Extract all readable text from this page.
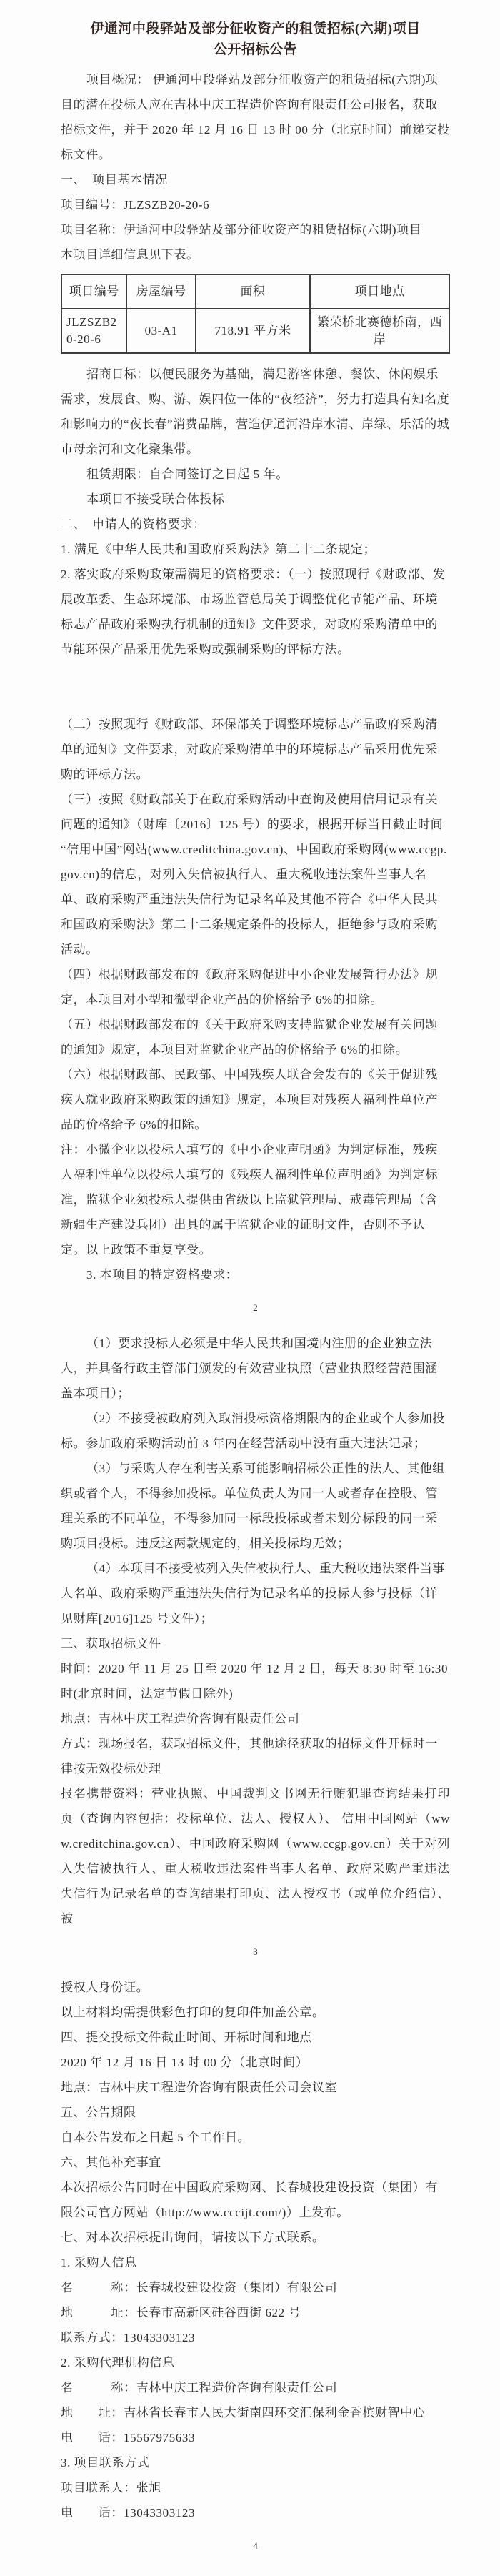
伊通河中段驿站及部分征收资产的租赁招标(六期)项目

公开招标公告

项目概况： 伊通河中段驿站及部分征收资产的租赁招标(六期)项目的潜在投标人应在吉林中庆工程造价咨询有限责任公司报名，获取招标文件，并于 2020 年 12 月 16 日 13 时 00 分（北京时间）前递交投标文件。

一、　项目基本情况

项目编号：JLZSZB20-20-6

项目名称：伊通河中段驿站及部分征收资产的租赁招标(六期)项目

本项目详细信息见下表。

项目编号	房屋编号	面积	项目地点
JLZSZB20-20-6	03-A1	718.91 平方米	繁荣桥北赛德桥南，西岸

招商目标：以便民服务为基础，满足游客休憩、餐饮、休闲娱乐需求，发展食、购、游、娱四位一体的“夜经济”，努力打造具有知名度和影响力的“夜长春”消费品牌，营造伊通河沿岸水清、岸绿、乐活的城市母亲河和文化聚集带。

租赁期限：自合同签订之日起 5 年。

本项目不接受联合体投标

二、　申请人的资格要求：

1. 满足《中华人民共和国政府采购法》第二十二条规定；

2. 落实政府采购政策需满足的资格要求：（一）按照现行《财政部、发展改革委、生态环境部、市场监管总局关于调整优化节能产品、环境标志产品政府采购执行机制的通知》文件要求，对政府采购清单中的节能环保产品采用优先采购或强制采购的评标方法。

（二）按照现行《财政部、环保部关于调整环境标志产品政府采购清单的通知》文件要求，对政府采购清单中的环境标志产品采用优先采购的评标方法。

（三）按照《财政部关于在政府采购活动中查询及使用信用记录有关问题的通知》（财库〔2016〕125 号）的要求，根据开标当日截止时间“信用中国”网站(www.creditchina.gov.cn)、中国政府采购网(www.ccgp.gov.cn)的信息，对列入失信被执行人、重大税收违法案件当事人名单、政府采购严重违法失信行为记录名单及其他不符合《中华人民共和国政府采购法》第二十二条规定条件的投标人，拒绝参与政府采购活动。

（四）根据财政部发布的《政府采购促进中小企业发展暂行办法》规定，本项目对小型和微型企业产品的价格给予 6%的扣除。

（五）根据财政部发布的《关于政府采购支持监狱企业发展有关问题的通知》规定，本项目对监狱企业产品的价格给予 6%的扣除。

（六）根据财政部、民政部、中国残疾人联合会发布的《关于促进残疾人就业政府采购政策的通知》规定，本项目对残疾人福利性单位产品的价格给予 6%的扣除。

注：小微企业以投标人填写的《中小企业声明函》为判定标准，残疾人福利性单位以投标人填写的《残疾人福利性单位声明函》为判定标准，监狱企业须投标人提供由省级以上监狱管理局、戒毒管理局（含新疆生产建设兵团）出具的属于监狱企业的证明文件，否则不予认定。以上政策不重复享受。

3. 本项目的特定资格要求：

2

（1）要求投标人必须是中华人民共和国境内注册的企业独立法人，并具备行政主管部门颁发的有效营业执照（营业执照经营范围涵盖本项目）；

（2）不接受被政府列入取消投标资格期限内的企业或个人参加投标。参加政府采购活动前 3 年内在经营活动中没有重大违法记录；

（3）与采购人存在利害关系可能影响招标公正性的法人、其他组织或者个人，不得参加投标。单位负责人为同一人或者存在控股、管理关系的不同单位，不得参加同一标段投标或者未划分标段的同一采购项目投标。违反这两款规定的，相关投标均无效；

（4）本项目不接受被列入失信被执行人、重大税收违法案件当事人名单、政府采购严重违法失信行为记录名单的投标人参与投标（详见财库[2016]125 号文件）；

三、获取招标文件

时间：2020 年 11 月 25 日至 2020 年 12 月 2 日，每天 8:30 时至 16:30 时(北京时间，法定节假日除外)

地点：吉林中庆工程造价咨询有限责任公司

方式：现场报名，获取招标文件，其他途径获取的招标文件开标时一律按无效投标处理

报名携带资料：营业执照、中国裁判文书网无行贿犯罪查询结果打印页（查询内容包括：投标单位、法人、授权人）、 信用中国网站（www.creditchina.gov.cn）、中国政府采购网（www.ccgp.gov.cn）关于对列入失信被执行人、重大税收违法案件当事人名单、政府采购严重违法失信行为记录名单的查询结果打印页、法人授权书（或单位介绍信）、被

3

授权人身份证。

以上材料均需提供彩色打印的复印件加盖公章。

四、提交投标文件截止时间、开标时间和地点

2020 年 12 月 16 日 13 时 00 分（北京时间）

地点：吉林中庆工程造价咨询有限责任公司会议室

五、公告期限

自本公告发布之日起 5 个工作日。

六、其他补充事宜

本次招标公告同时在中国政府采购网、长春城投建设投资（集团）有限公司官方网站（http://www.cccijt.com/)）上发布。

七、对本次招标提出询问，请按以下方式联系。

1. 采购人信息

名　　　称：长春城投建设投资（集团）有限公司

地　　　址：长春市高新区硅谷西街 622 号

联系方式：13043303123

2. 采购代理机构信息

名　　　称：吉林中庆工程造价咨询有限责任公司

地　　址：吉林省长春市人民大街南四环交汇保利金香槟财智中心

电　　话：15567975633

3. 项目联系方式

项目联系人：张旭

电　　话：13043303123

4
